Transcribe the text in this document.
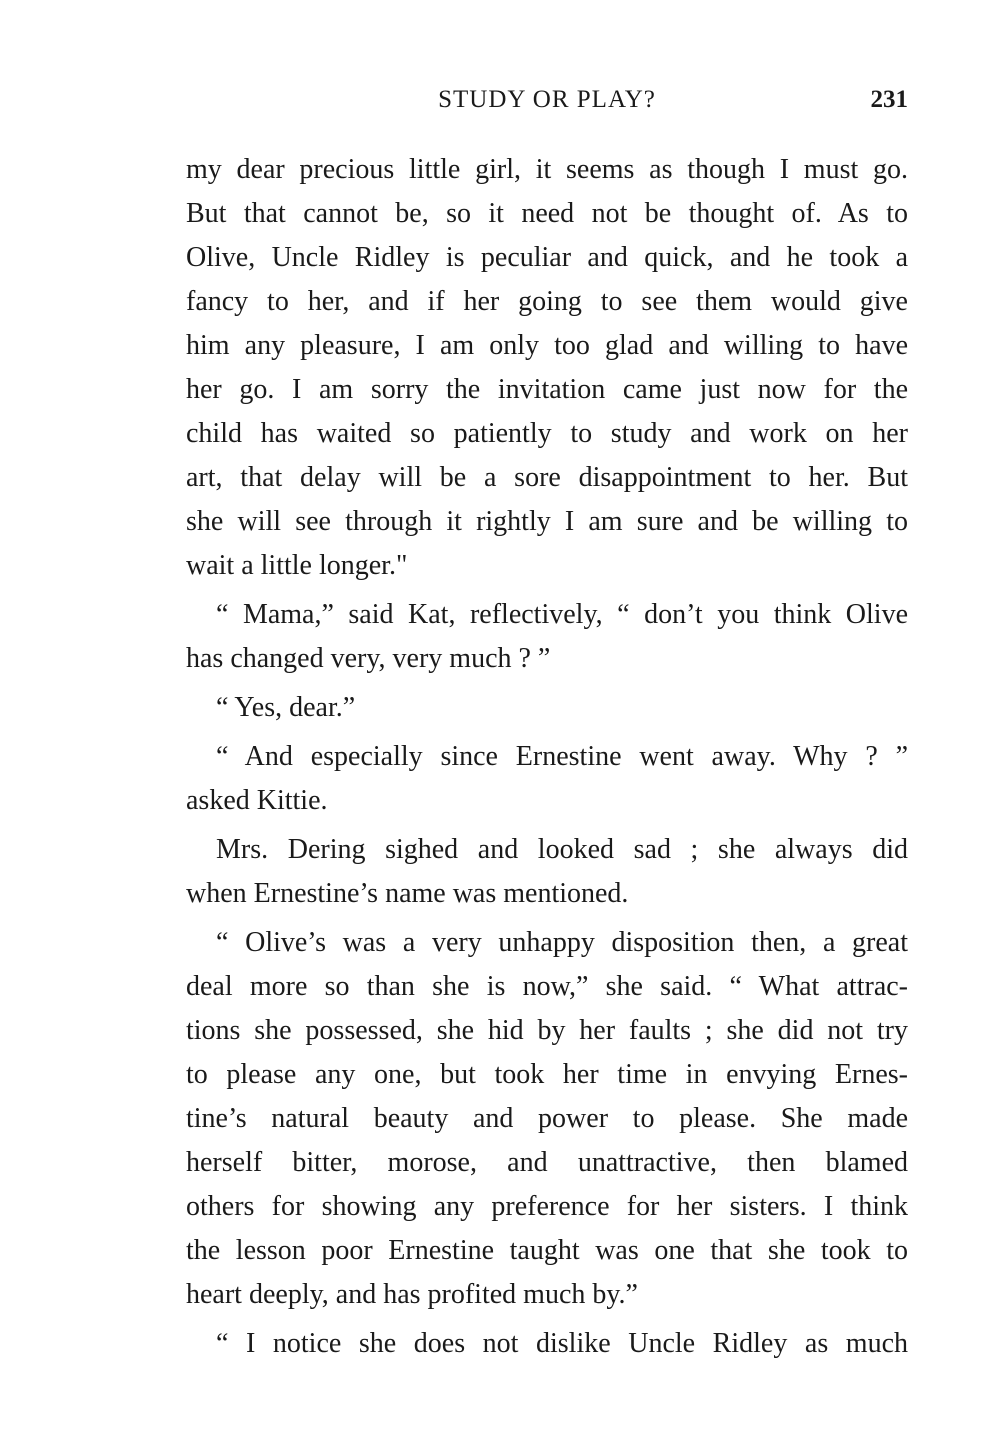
STUDY OR PLAY?	231
my dear precious little girl, it seems as though I must go.
But that cannot be, so it need not be thought of. As to
Olive, Uncle Ridley is peculiar and quick, and he took a
fancy to her, and if her going to see them would give
him any pleasure, I am only too glad and willing to have
her go. I am sorry the invitation came just now for the
child has waited so patiently to study and work on her
art, that delay will be a sore disappointment to her. But
she will see through it rightly I am sure and be willing to
wait a little longer."
“ Mama,” said Kat, reflectively, “ don’t you think Olive
has changed very, very much ? ”
“ Yes, dear.”
“ And especially since Ernestine went away. Why ? ”
asked Kittie.
Mrs. Dering sighed and looked sad ; she always did
when Ernestine’s name was mentioned.
“ Olive’s was a very unhappy disposition then, a great
deal more so than she is now,” she said. “ What attrac-
tions she possessed, she hid by her faults ; she did not try
to please any one, but took her time in envying Ernes-
tine’s natural beauty and power to please. She made
herself bitter, morose, and unattractive, then blamed
others for showing any preference for her sisters. I think
the lesson poor Ernestine taught was one that she took to
heart deeply, and has profited much by.”
“ I notice she does not dislike Uncle Ridley as much
